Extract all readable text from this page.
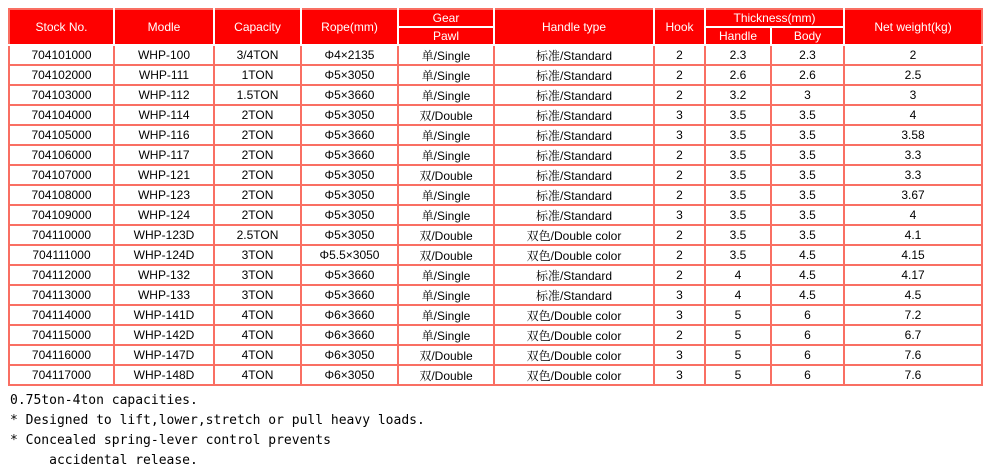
Stock No.	Modle	Capacity	Rope(mm)	Gear	Handle type	Hook	Thickness(mm)		Net weight(kg)
				Pawl			Handle	Body	
704101000	WHP-100	3/4TON	Φ4×2135	单/Single	标准/Standard	2	2.3	2.3	2
704102000	WHP-111	1TON	Φ5×3050	单/Single	标准/Standard	2	2.6	2.6	2.5
704103000	WHP-112	1.5TON	Φ5×3660	单/Single	标准/Standard	2	3.2	3	3
704104000	WHP-114	2TON	Φ5×3050	双/Double	标准/Standard	3	3.5	3.5	4
704105000	WHP-116	2TON	Φ5×3660	单/Single	标准/Standard	3	3.5	3.5	3.58
704106000	WHP-117	2TON	Φ5×3660	单/Single	标准/Standard	2	3.5	3.5	3.3
704107000	WHP-121	2TON	Φ5×3050	双/Double	标准/Standard	2	3.5	3.5	3.3
704108000	WHP-123	2TON	Φ5×3050	单/Single	标准/Standard	2	3.5	3.5	3.67
704109000	WHP-124	2TON	Φ5×3050	单/Single	标准/Standard	3	3.5	3.5	4
704110000	WHP-123D	2.5TON	Φ5×3050	双/Double	双色/Double color	2	3.5	3.5	4.1
704111000	WHP-124D	3TON	Φ5.5×3050	双/Double	双色/Double color	2	3.5	4.5	4.15
704112000	WHP-132	3TON	Φ5×3660	单/Single	标准/Standard	2	4	4.5	4.17
704113000	WHP-133	3TON	Φ5×3660	单/Single	标准/Standard	3	4	4.5	4.5
704114000	WHP-141D	4TON	Φ6×3660	单/Single	双色/Double color	3	5	6	7.2
704115000	WHP-142D	4TON	Φ6×3660	单/Single	双色/Double color	2	5	6	6.7
704116000	WHP-147D	4TON	Φ6×3050	双/Double	双色/Double color	3	5	6	7.6
704117000	WHP-148D	4TON	Φ6×3050	双/Double	双色/Double color	3	5	6	7.6
0.75ton-4ton capacities.
* Designed to lift,lower,stretch or pull heavy loads.
* Concealed spring-lever control prevents
accidental release.
